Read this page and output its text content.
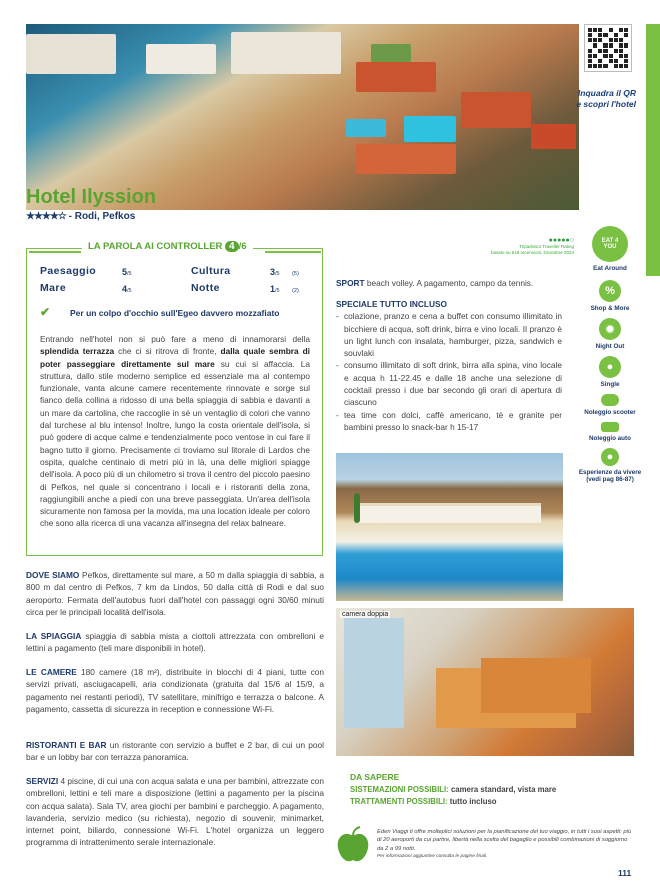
Inquadra il QR e scopri l'hotel
Hotel Ilyssion
★★★★☆ - Rodi, Pefkos
●●●●●○
Tripadvisor Traveller Rating
basato su 618 recensioni, Dicembre 2024
LA PAROLA AI CONTROLLER 4 /6
Paesaggio	5/5	Cultura	3/5 (5)
Mare	4/5	Notte	1/5 (2)
✔ Per un colpo d'occhio sull'Egeo davvero mozzafiato
Entrando nell'hotel non si può fare a meno di innamorarsi della splendida terrazza che ci si ritrova di fronte, dalla quale sembra di poter passeggiare direttamente sul mare su cui si affaccia. La struttura, dallo stile moderno semplice ed essenziale ma al contempo funzionale, vanta alcune camere recentemente rinnovate e sorge sul fianco della collina a ridosso di una bella spiaggia di sabbia e davanti a un mare da cartolina, che raccoglie in sé un ventaglio di colori che vanno dal turchese al blu intenso! Inoltre, lungo la costa orientale dell'isola, si può godere di acque calme e tendenzialmente poco ventose in cui fare il bagno tutto il giorno. Precisamente ci troviamo sul litorale di Lardos che ospita, qualche centinaio di metri più in là, una delle migliori spiagge dell'isola. A poco più di un chilometro si trova il centro del piccolo paesino di Pefkos, nel quale si concentrano i locali e i ristoranti della zona, raggiungibili anche a piedi con una breve passeggiata. Un'area dell'isola sicuramente non famosa per la movida, ma una location ideale per coloro che sono alla ricerca di una vacanza all'insegna del relax balneare.
DOVE SIAMO Pefkos, direttamente sul mare, a 50 m dalla spiaggia di sabbia, a 800 m dal centro di Pefkos, 7 km da Lindos, 50 dalla città di Rodi e dal suo aeroporto. Fermata dell'autobus fuori dall'hotel con passaggi ogni 30/60 minuti circa per le principali località dell'isola.
LA SPIAGGIA spiaggia di sabbia mista a ciottoli attrezzata con ombrelloni e lettini a pagamento (teli mare disponibili in hotel).
LE CAMERE 180 camere (18 m²), distribuite in blocchi di 4 piani, tutte con servizi privati, asciugacapelli, aria condizionata (gratuita dal 15/6 al 15/9, a pagamento nei restanti periodi), TV satellitare, minifrigo e terrazza o balcone. A pagamento, cassetta di sicurezza in reception e connessione Wi-Fi.
RISTORANTI E BAR un ristorante con servizio a buffet e 2 bar, di cui un pool bar e un lobby bar con terrazza panoramica.
SERVIZI 4 piscine, di cui una con acqua salata e una per bambini, attrezzate con ombrelloni, lettini e teli mare a disposizione (lettini a pagamento per la piscina con acqua salata). Sala TV, area giochi per bambini e parcheggio. A pagamento, lavanderia, servizio medico (su richiesta), negozio di souvenir, minimarket, internet point, biliardo, connessione Wi-Fi. L'hotel organizza un leggero programma di intrattenimento serale internazionale.
SPORT beach volley. A pagamento, campo da tennis.
SPECIALE TUTTO INCLUSO
- colazione, pranzo e cena a buffet con consumo illimitato in bicchiere di acqua, soft drink, birra e vino locali. Il pranzo è un light lunch con insalata, hamburger, pizza, sandwich e souvlaki
- consumo illimitato di soft drink, birra alla spina, vino locale e acqua h 11-22.45 e dalle 18 anche una selezione di cocktail presso i due bar secondo gli orari di apertura di ciascuno
- tea time con dolci, caffè americano, tè e granite per bambini presso lo snack-bar h 15-17
camera doppia
EAT 4 YOU
Eat Around
%
Shop & More
✹
Night Out
●
Single
Noleggio scooter
Noleggio auto
●
Esperienze da vivere (vedi pag 86-87)
DA SAPERE
SISTEMAZIONI POSSIBILI: camera standard, vista mare
TRATTAMENTI POSSIBILI: tutto incluso
Eden Viaggi ti offre molteplici soluzioni per la pianificazione del tuo viaggio, in tutti i suoi aspetti: più di 20 aeroporti da cui partire, libertà nella scelta del bagaglio e possibili combinazioni di soggiorno da 2 a 99 notti.
Per informazioni aggiuntive consulta le pagine finali.
111
